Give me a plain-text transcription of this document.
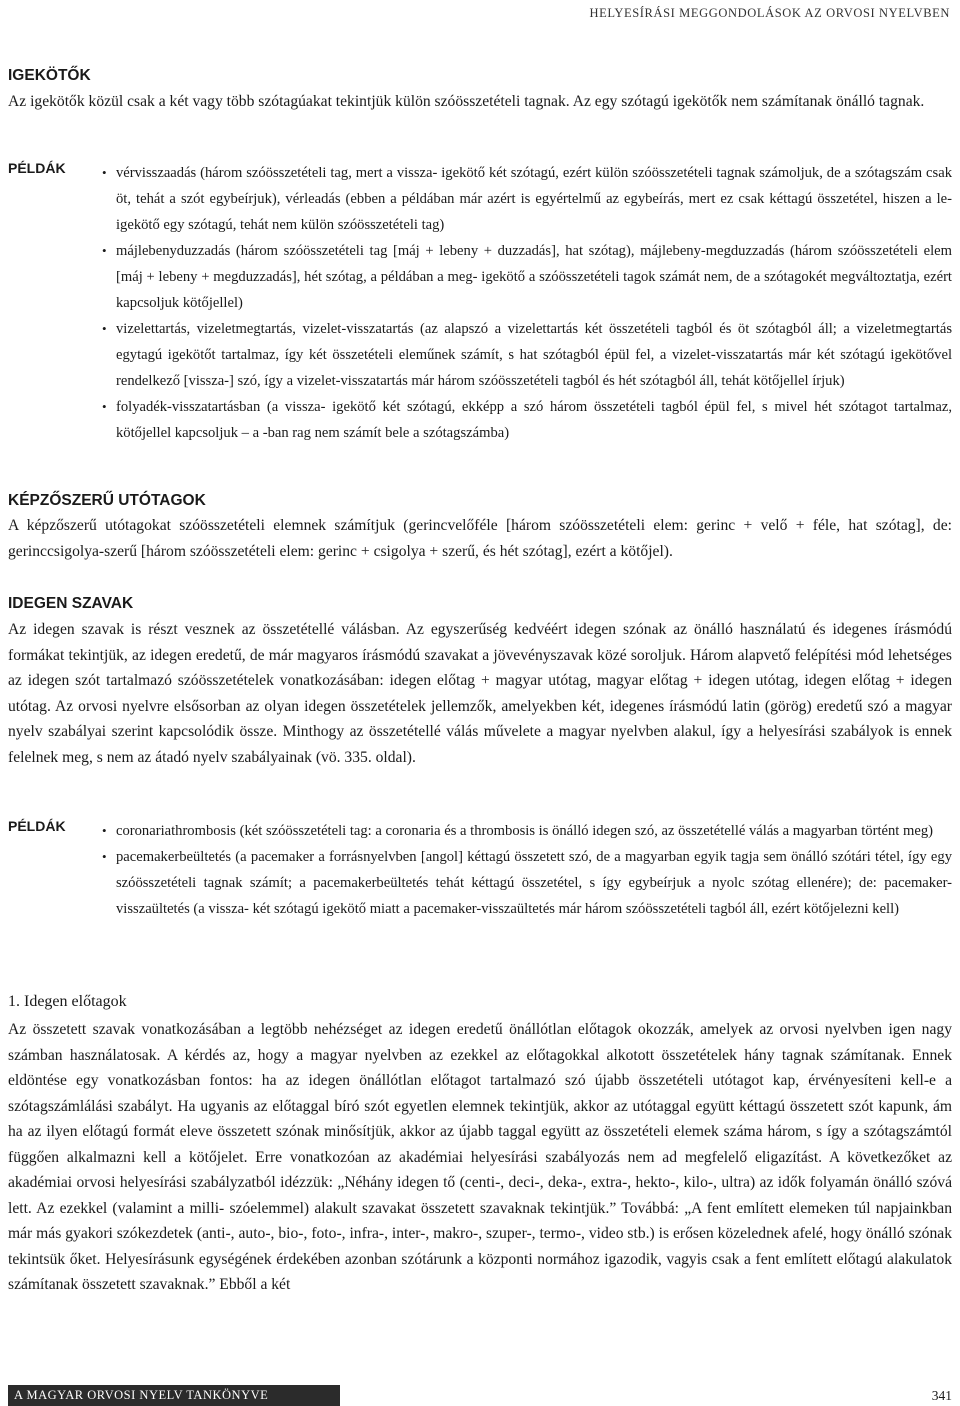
HELYESÍRÁSI MEGGONDOLÁSOK AZ ORVOSI NYELVBEN
IGEKÖTŐK

Az igekötők közül csak a két vagy több szótagúakat tekintjük külön szóösszetételi tagnak. Az egy szótagú igekötők nem számítanak önálló tagnak.

PÉLDÁK	• vérvisszaadás (három szóösszetételi tag, mert a vissza- igekötő két szótagú, ezért külön szóösszetételi tagnak számoljuk, de a szótagszám csak öt, tehát a szót egybeírjuk), vérleadás (ebben a példában már azért is egyértelmű az egybeírás, mert ez csak kéttagú összetétel, hiszen a le- igekötő egy szótagú, tehát nem külön szóösszetételi tag)
• májlebenyduzzadás (három szóösszetételi tag [máj + lebeny + duzzadás], hat szótag), májlebeny-megduzzadás (három szóösszetételi elem [máj + lebeny + megduzzadás], hét szótag, a példában a meg- igekötő a szóösszetételi tagok számát nem, de a szótagokét megváltoztatja, ezért kapcsoljuk kötőjellel)
• vizelettartás, vizeletmegtartás, vizelet-visszatartás (az alapszó a vizelettartás két összetételi tagból és öt szótagból áll; a vizeletmegtartás egytagú igekötőt tartalmaz, így két összetételi eleműnek számít, s hat szótagból épül fel, a vizelet-visszatartás már két szótagú igekötővel rendelkező [vissza-] szó, így a vizelet-visszatartás már három szóösszetételi tagból és hét szótagból áll, tehát kötőjellel írjuk)
• folyadék-visszatartásban (a vissza- igekötő két szótagú, ekképp a szó három összetételi tagból épül fel, s mivel hét szótagot tartalmaz, kötőjellel kapcsoljuk – a -ban rag nem számít bele a szótagszámba)
KÉPZŐSZERŰ UTÓTAGOK

A képzőszerű utótagokat szóösszetételi elemnek számítjuk (gerincvelőféle [három szóösszetételi elem: gerinc + velő + féle, hat szótag], de: gerinccsigolya-szerű [három szóösszetételi elem: gerinc + csigolya + szerű, és hét szótag], ezért a kötőjel).

IDEGEN SZAVAK

Az idegen szavak is részt vesznek az összetétellé válásban. Az egyszerűség kedvéért idegen szónak az önálló használatú és idegenes írásmódú formákat tekintjük, az idegen eredetű, de már magyaros írásmódú szavakat a jövevényszavak közé soroljuk. Három alapvető felépítési mód lehetséges az idegen szót tartalmazó szóösszetételek vonatkozásában: idegen előtag + magyar utótag, magyar előtag + idegen utótag, idegen előtag + idegen utótag. Az orvosi nyelvre elsősorban az olyan idegen összetételek jellemzők, amelyekben két, idegenes írásmódú latin (görög) eredetű szó a magyar nyelv szabályai szerint kapcsolódik össze. Minthogy az összetétellé válás művelete a magyar nyelvben alakul, így a helyesírási szabályok is ennek felelnek meg, s nem az átadó nyelv szabályainak (vö. 335. oldal).

PÉLDÁK	• coronariathrombosis (két szóösszetételi tag: a coronaria és a thrombosis is önálló idegen szó, az összetétellé válás a magyarban történt meg)
• pacemakerbeültetés (a pacemaker a forrásnyelvben [angol] kéttagú összetett szó, de a magyarban egyik tagja sem önálló szótári tétel, így egy szóösszetételi tagnak számít; a pacemakerbeültetés tehát kéttagú összetétel, s így egybeírjuk a nyolc szótag ellenére); de: pacemaker-visszaültetés (a vissza- két szótagú igekötő miatt a pacemaker-visszaültetés már három szóösszetételi tagból áll, ezért kötőjelezni kell)
1. Idegen előtagok

Az összetett szavak vonatkozásában a legtöbb nehézséget az idegen eredetű önállótlan előtagok okozzák, amelyek az orvosi nyelvben igen nagy számban használatosak. A kérdés az, hogy a magyar nyelvben az ezekkel az előtagokkal alkotott összetételek hány tagnak számítanak. Ennek eldöntése egy vonatkozásban fontos: ha az idegen önállótlan előtagot tartalmazó szó újabb összetételi utótagot kap, érvényesíteni kell-e a szótagszámlálási szabályt. Ha ugyanis az előtaggal bíró szót egyetlen elemnek tekintjük, akkor az utótaggal együtt kéttagú összetett szót kapunk, ám ha az ilyen előtagú formát eleve összetett szónak minősítjük, akkor az újabb taggal együtt az összetételi elemek száma három, s így a szótagszámtól függően alkalmazni kell a kötőjelet. Erre vonatkozóan az akadémiai helyesírási szabályozás nem ad megfelelő eligazítást. A következőket az akadémiai orvosi helyesírási szabályzatból idézzük: „Néhány idegen tő (centi-, deci-, deka-, extra-, hekto-, kilo-, ultra) az idők folyamán önálló szóvá lett. Az ezekkel (valamint a milli- szóelemmel) alakult szavakat összetett szavaknak tekintjük.” Továbbá: „A fent említett elemeken túl napjainkban már más gyakori szókezdetek (anti-, auto-, bio-, foto-, infra-, inter-, makro-, szuper-, termo-, video stb.) is erősen közelednek afelé, hogy önálló szónak tekintsük őket. Helyesírásunk egységének érdekében azonban szótárunk a központi normához igazodik, vagyis csak a fent említett előtagú alakulatok számítanak összetett szavaknak.” Ebből a két

A MAGYAR ORVOSI NYELV TANKÖNYVE	341
